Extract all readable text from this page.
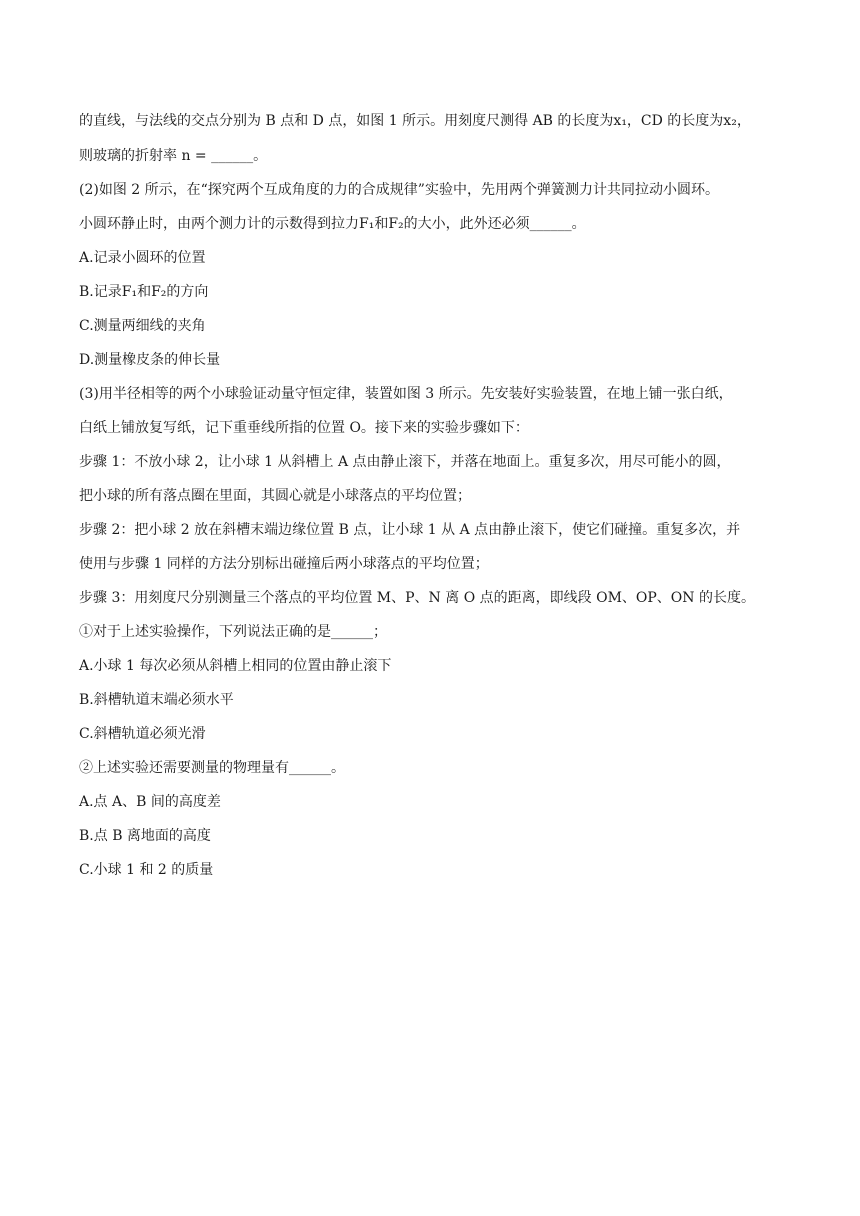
的直线，与法线的交点分别为 B 点和 D 点，如图 1 所示。用刻度尺测得 AB 的长度为x₁，CD 的长度为x₂，
则玻璃的折射率 n = ______。
(2)如图 2 所示，在“探究两个互成角度的力的合成规律”实验中，先用两个弹簧测力计共同拉动小圆环。
小圆环静止时，由两个测力计的示数得到拉力F₁和F₂的大小，此外还必须______。
A.记录小圆环的位置
B.记录F₁和F₂的方向
C.测量两细线的夹角
D.测量橡皮条的伸长量
(3)用半径相等的两个小球验证动量守恒定律，装置如图 3 所示。先安装好实验装置，在地上铺一张白纸，
白纸上铺放复写纸，记下重垂线所指的位置 O。接下来的实验步骤如下：
步骤 1：不放小球 2，让小球 1 从斜槽上 A 点由静止滚下，并落在地面上。重复多次，用尽可能小的圆，
把小球的所有落点圈在里面，其圆心就是小球落点的平均位置；
步骤 2：把小球 2 放在斜槽末端边缘位置 B 点，让小球 1 从 A 点由静止滚下，使它们碰撞。重复多次，并
使用与步骤 1 同样的方法分别标出碰撞后两小球落点的平均位置；
步骤 3：用刻度尺分别测量三个落点的平均位置 M、P、N 离 O 点的距离，即线段 OM、OP、ON 的长度。
①对于上述实验操作，下列说法正确的是______；
A.小球 1 每次必须从斜槽上相同的位置由静止滚下
B.斜槽轨道末端必须水平
C.斜槽轨道必须光滑
②上述实验还需要测量的物理量有______。
A.点 A、B 间的高度差
B.点 B 离地面的高度
C.小球 1 和 2 的质量
